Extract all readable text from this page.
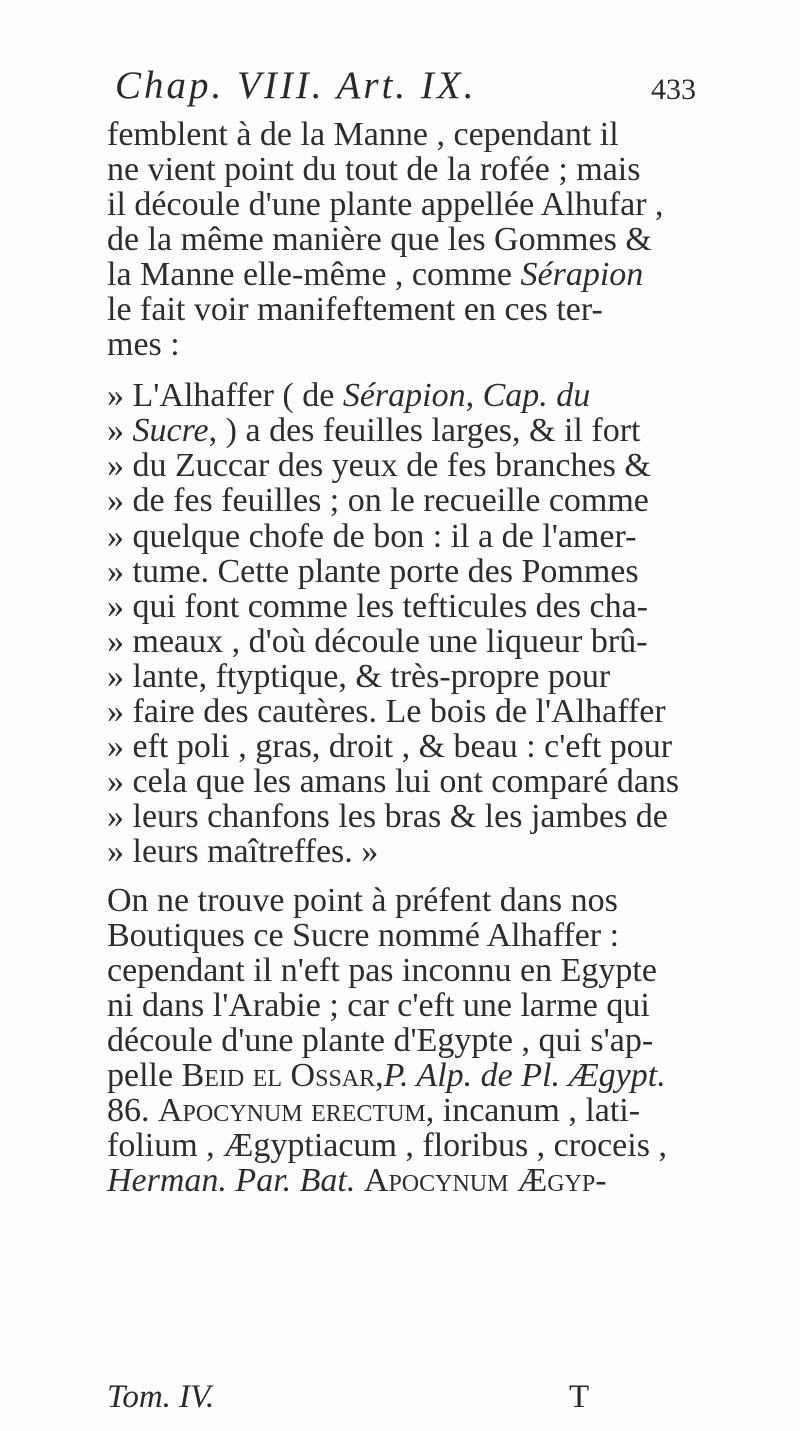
Chap. VIII. Art. IX.	433
femblent à de la Manne , cependant il
ne vient point du tout de la rofée ; mais
il découle d'une plante appellée Alhufar ,
de la même manière que les Gommes &
la Manne elle-même , comme Sérapion
le fait voir manifeftement en ces ter-
mes :
» L'Alhaffer ( de Sérapion, Cap. du
» Sucre, ) a des feuilles larges, & il fort
» du Zuccar des yeux de fes branches &
» de fes feuilles ; on le recueille comme
» quelque chofe de bon : il a de l'amer-
» tume. Cette plante porte des Pommes
» qui font comme les tefticules des cha-
» meaux , d'où découle une liqueur brû-
» lante, ftyptique, & très-propre pour
» faire des cautères. Le bois de l'Alhaffer
» eft poli , gras, droit , & beau : c'eft pour
» cela que les amans lui ont comparé dans
» leurs chanfons les bras & les jambes de
» leurs maîtreffes. »
On ne trouve point à préfent dans nos
Boutiques ce Sucre nommé Alhaffer :
cependant il n'eft pas inconnu en Egypte
ni dans l'Arabie ; car c'eft une larme qui
découle d'une plante d'Egypte , qui s'ap-
pelle Beid el Ossar,P. Alp. de Pl. Ægypt.
86. Apocynum erectum, incanum , lati-
folium , Ægyptiacum , floribus , croceis ,
Herman. Par. Bat. Apocynum Ægyp-
Tom. IV.	T
